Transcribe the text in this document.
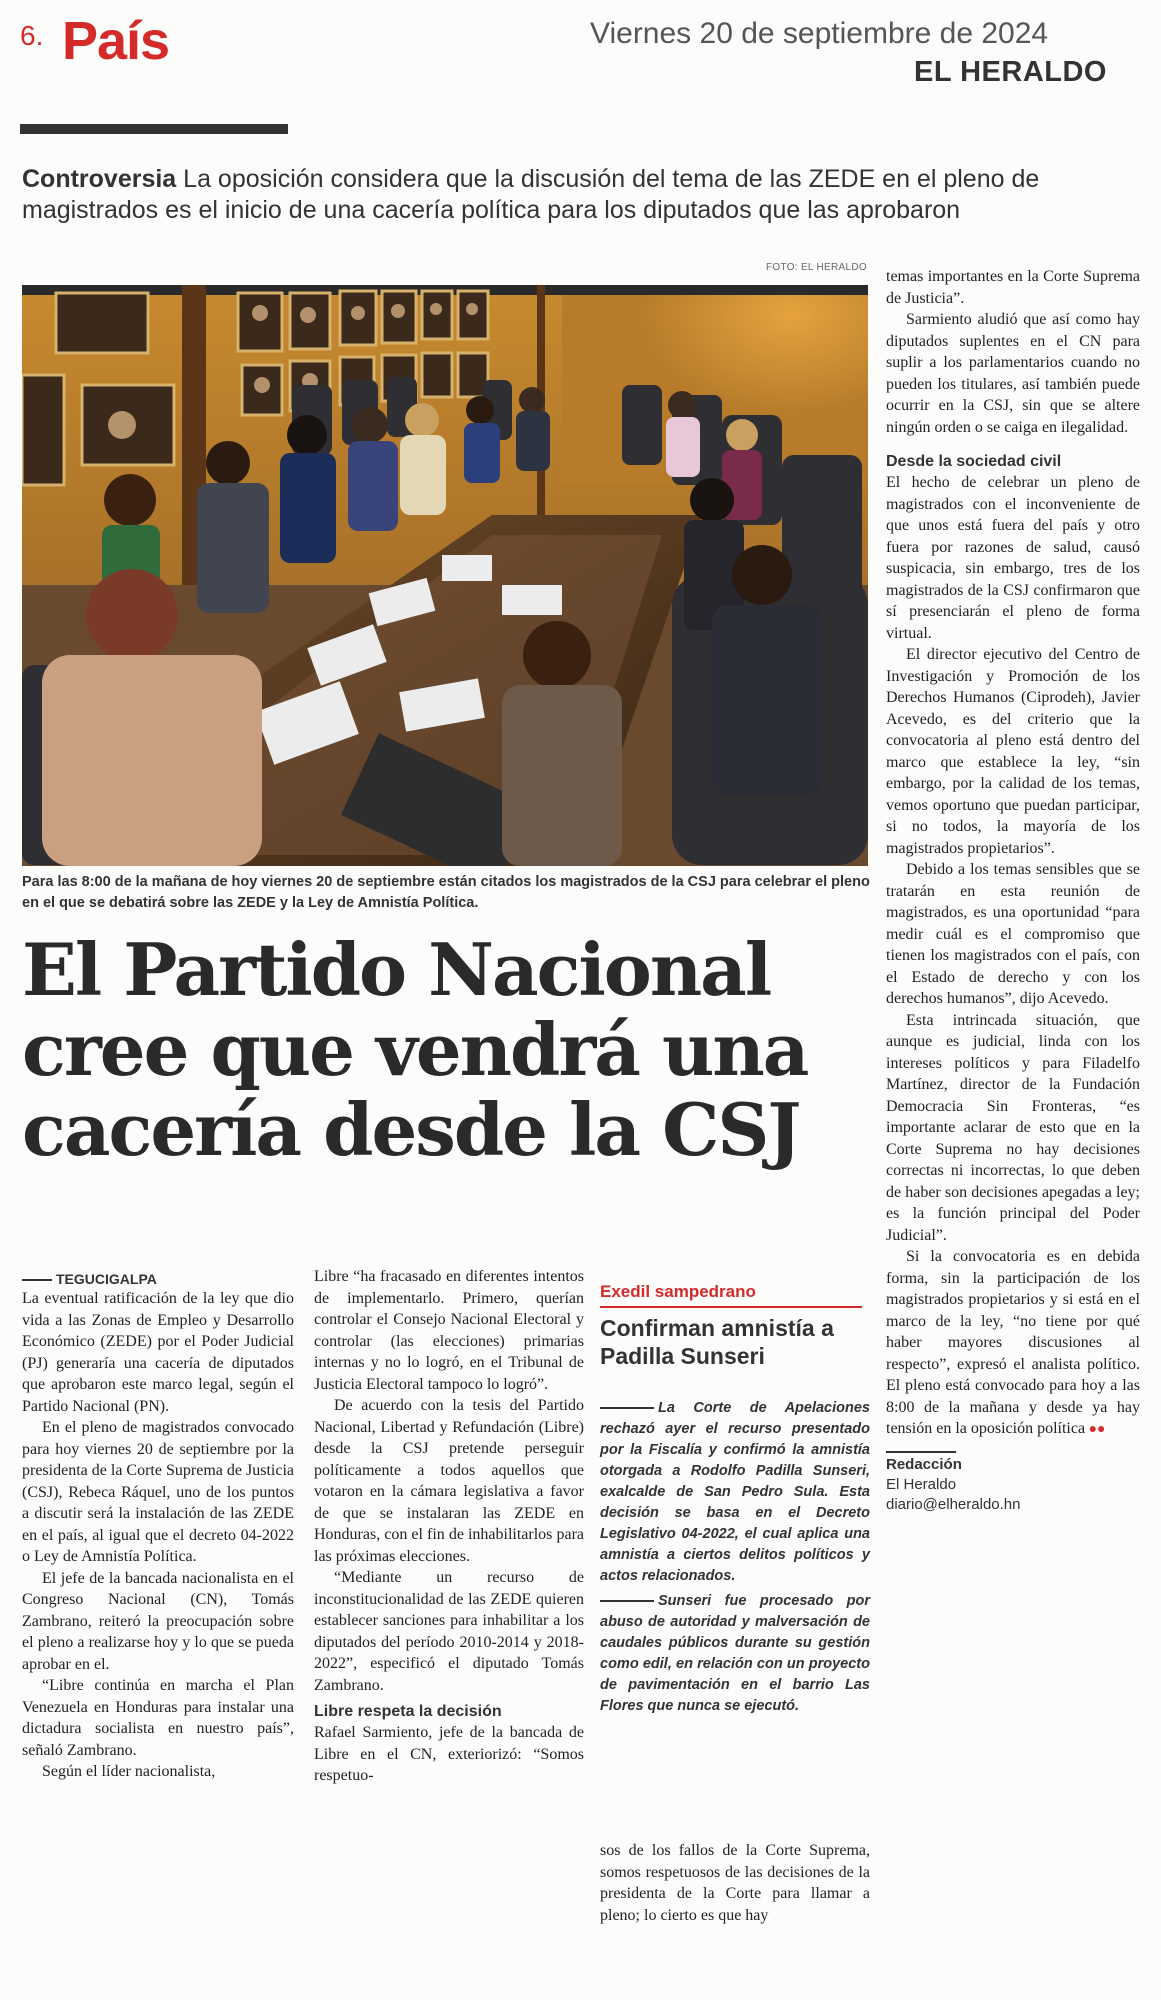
6. País	Viernes 20 de septiembre de 2024
EL HERALDO
Controversia La oposición considera que la discusión del tema de las ZEDE en el pleno de magistrados es el inicio de una cacería política para los diputados que las aprobaron
FOTO: EL HERALDO
Para las 8:00 de la mañana de hoy viernes 20 de septiembre están citados los magistrados de la CSJ para celebrar el pleno en el que se debatirá sobre las ZEDE y la Ley de Amnistía Política.
El Partido Nacional
cree que vendrá una
cacería desde la CSJ
TEGUCIGALPA

La eventual ratificación de la ley que dio vida a las Zonas de Empleo y Desarrollo Económico (ZEDE) por el Poder Judicial (PJ) generaría una cacería de diputados que aprobaron este marco legal, según el Partido Nacional (PN).

En el pleno de magistrados convocado para hoy viernes 20 de septiembre por la presidenta de la Corte Suprema de Justicia (CSJ), Rebeca Ráquel, uno de los puntos a discutir será la instalación de las ZEDE en el país, al igual que el decreto 04-2022 o Ley de Amnistía Política.

El jefe de la bancada nacionalista en el Congreso Nacional (CN), Tomás Zambrano, reiteró la preocupación sobre el pleno a realizarse hoy y lo que se pueda aprobar en el.

“Libre continúa en marcha el Plan Venezuela en Honduras para instalar una dictadura socialista en nuestro país”, señaló Zambrano.

Según el líder nacionalista,

Libre “ha fracasado en diferentes intentos de implementarlo. Primero, querían controlar el Consejo Nacional Electoral y controlar (las elecciones) primarias internas y no lo logró, en el Tribunal de Justicia Electoral tampoco lo logró”.

De acuerdo con la tesis del Partido Nacional, Libertad y Refundación (Libre) desde la CSJ pretende perseguir políticamente a todos aquellos que votaron en la cámara legislativa a favor de que se instalaran las ZEDE en Honduras, con el fin de inhabilitarlos para las próximas elecciones.

“Mediante un recurso de inconstitucionalidad de las ZEDE quieren establecer sanciones para inhabilitar a los diputados del período 2010-2014 y 2018-2022”, especificó el diputado Tomás Zambrano.

Libre respeta la decisión

Rafael Sarmiento, jefe de la bancada de Libre en el CN, exteriorizó: “Somos respetuo-

Exedil sampedrano
Confirman amnistía a Padilla Sunseri
La Corte de Apelaciones rechazó ayer el recurso presentado por la Fiscalía y confirmó la amnistía otorgada a Rodolfo Padilla Sunseri, exalcalde de San Pedro Sula. Esta decisión se basa en el Decreto Legislativo 04-2022, el cual aplica una amnistía a ciertos delitos políticos y actos relacionados.
Sunseri fue procesado por abuso de autoridad y malversación de caudales públicos durante su gestión como edil, en relación con un proyecto de pavimentación en el barrio Las Flores que nunca se ejecutó.

sos de los fallos de la Corte Suprema, somos respetuosos de las decisiones de la presidenta de la Corte para llamar a pleno; lo cierto es que hay

temas importantes en la Corte Suprema de Justicia”.

Sarmiento aludió que así como hay diputados suplentes en el CN para suplir a los parlamentarios cuando no pueden los titulares, así también puede ocurrir en la CSJ, sin que se altere ningún orden o se caiga en ilegalidad.

Desde la sociedad civil

El hecho de celebrar un pleno de magistrados con el inconveniente de que unos está fuera del país y otro fuera por razones de salud, causó suspicacia, sin embargo, tres de los magistrados de la CSJ confirmaron que sí presenciarán el pleno de forma virtual.

El director ejecutivo del Centro de Investigación y Promoción de los Derechos Humanos (Ciprodeh), Javier Acevedo, es del criterio que la convocatoria al pleno está dentro del marco que establece la ley, “sin embargo, por la calidad de los temas, vemos oportuno que puedan participar, si no todos, la mayoría de los magistrados propietarios”.

Debido a los temas sensibles que se tratarán en esta reunión de magistrados, es una oportunidad “para medir cuál es el compromiso que tienen los magistrados con el país, con el Estado de derecho y con los derechos humanos”, dijo Acevedo.

Esta intrincada situación, que aunque es judicial, linda con los intereses políticos y para Filadelfo Martínez, director de la Fundación Democracia Sin Fronteras, “es importante aclarar de esto que en la Corte Suprema no hay decisiones correctas ni incorrectas, lo que deben de haber son decisiones apegadas a ley; es la función principal del Poder Judicial”.

Si la convocatoria es en debida forma, sin la participación de los magistrados propietarios y si está en el marco de la ley, “no tiene por qué haber mayores discusiones al respecto”, expresó el analista político. El pleno está convocado para hoy a las 8:00 de la mañana y desde ya hay tensión en la oposición política ●●

Redacción
El Heraldo
diario@elheraldo.hn
